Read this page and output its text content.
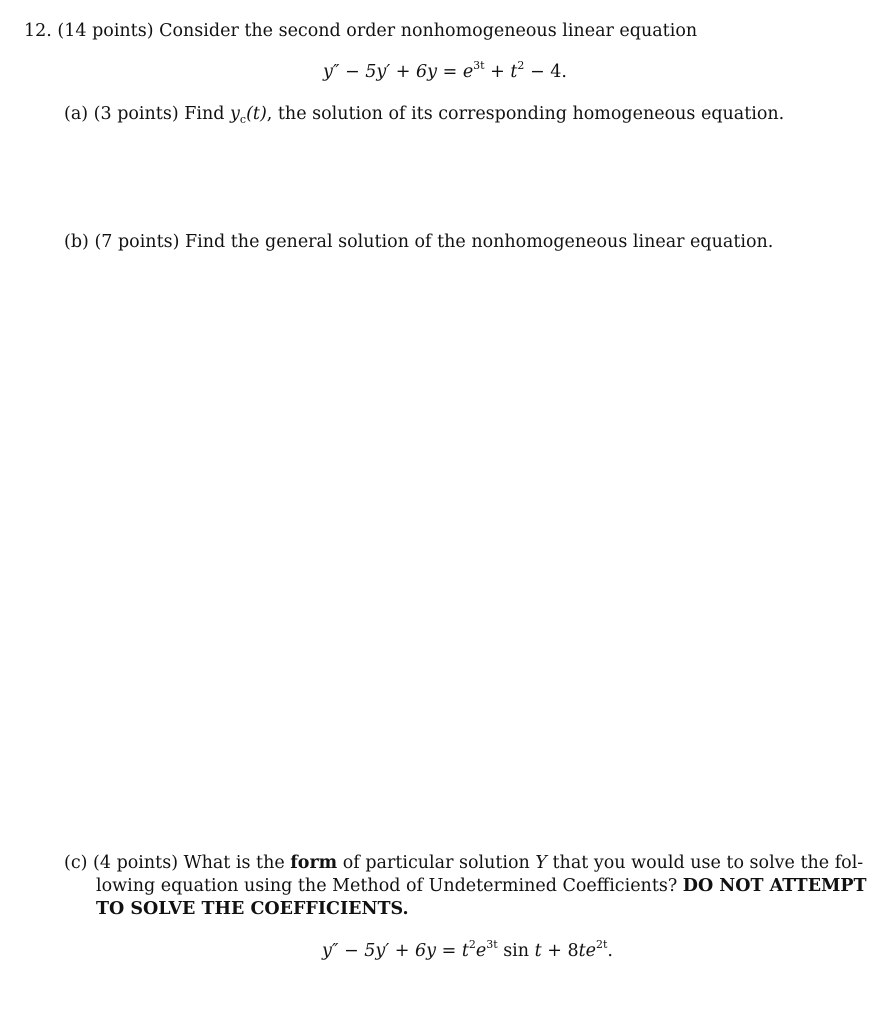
12. (14 points) Consider the second order nonhomogeneous linear equation
$y'' - 5y' + 6y = e^{3t} + t^2 - 4$.
(a) (3 points) Find $y_c(t)$, the solution of its corresponding homogeneous equation.
(b) (7 points) Find the general solution of the nonhomogeneous linear equation.
(c) (4 points) What is the form of particular solution Y that you would use to solve the fol-
lowing equation using the Method of Undetermined Coefficients? DO NOT ATTEMPT
TO SOLVE THE COEFFICIENTS.
$y'' - 5y' + 6y = t^2e^{3t}$ $\sin t + 8te^{2t}$.
